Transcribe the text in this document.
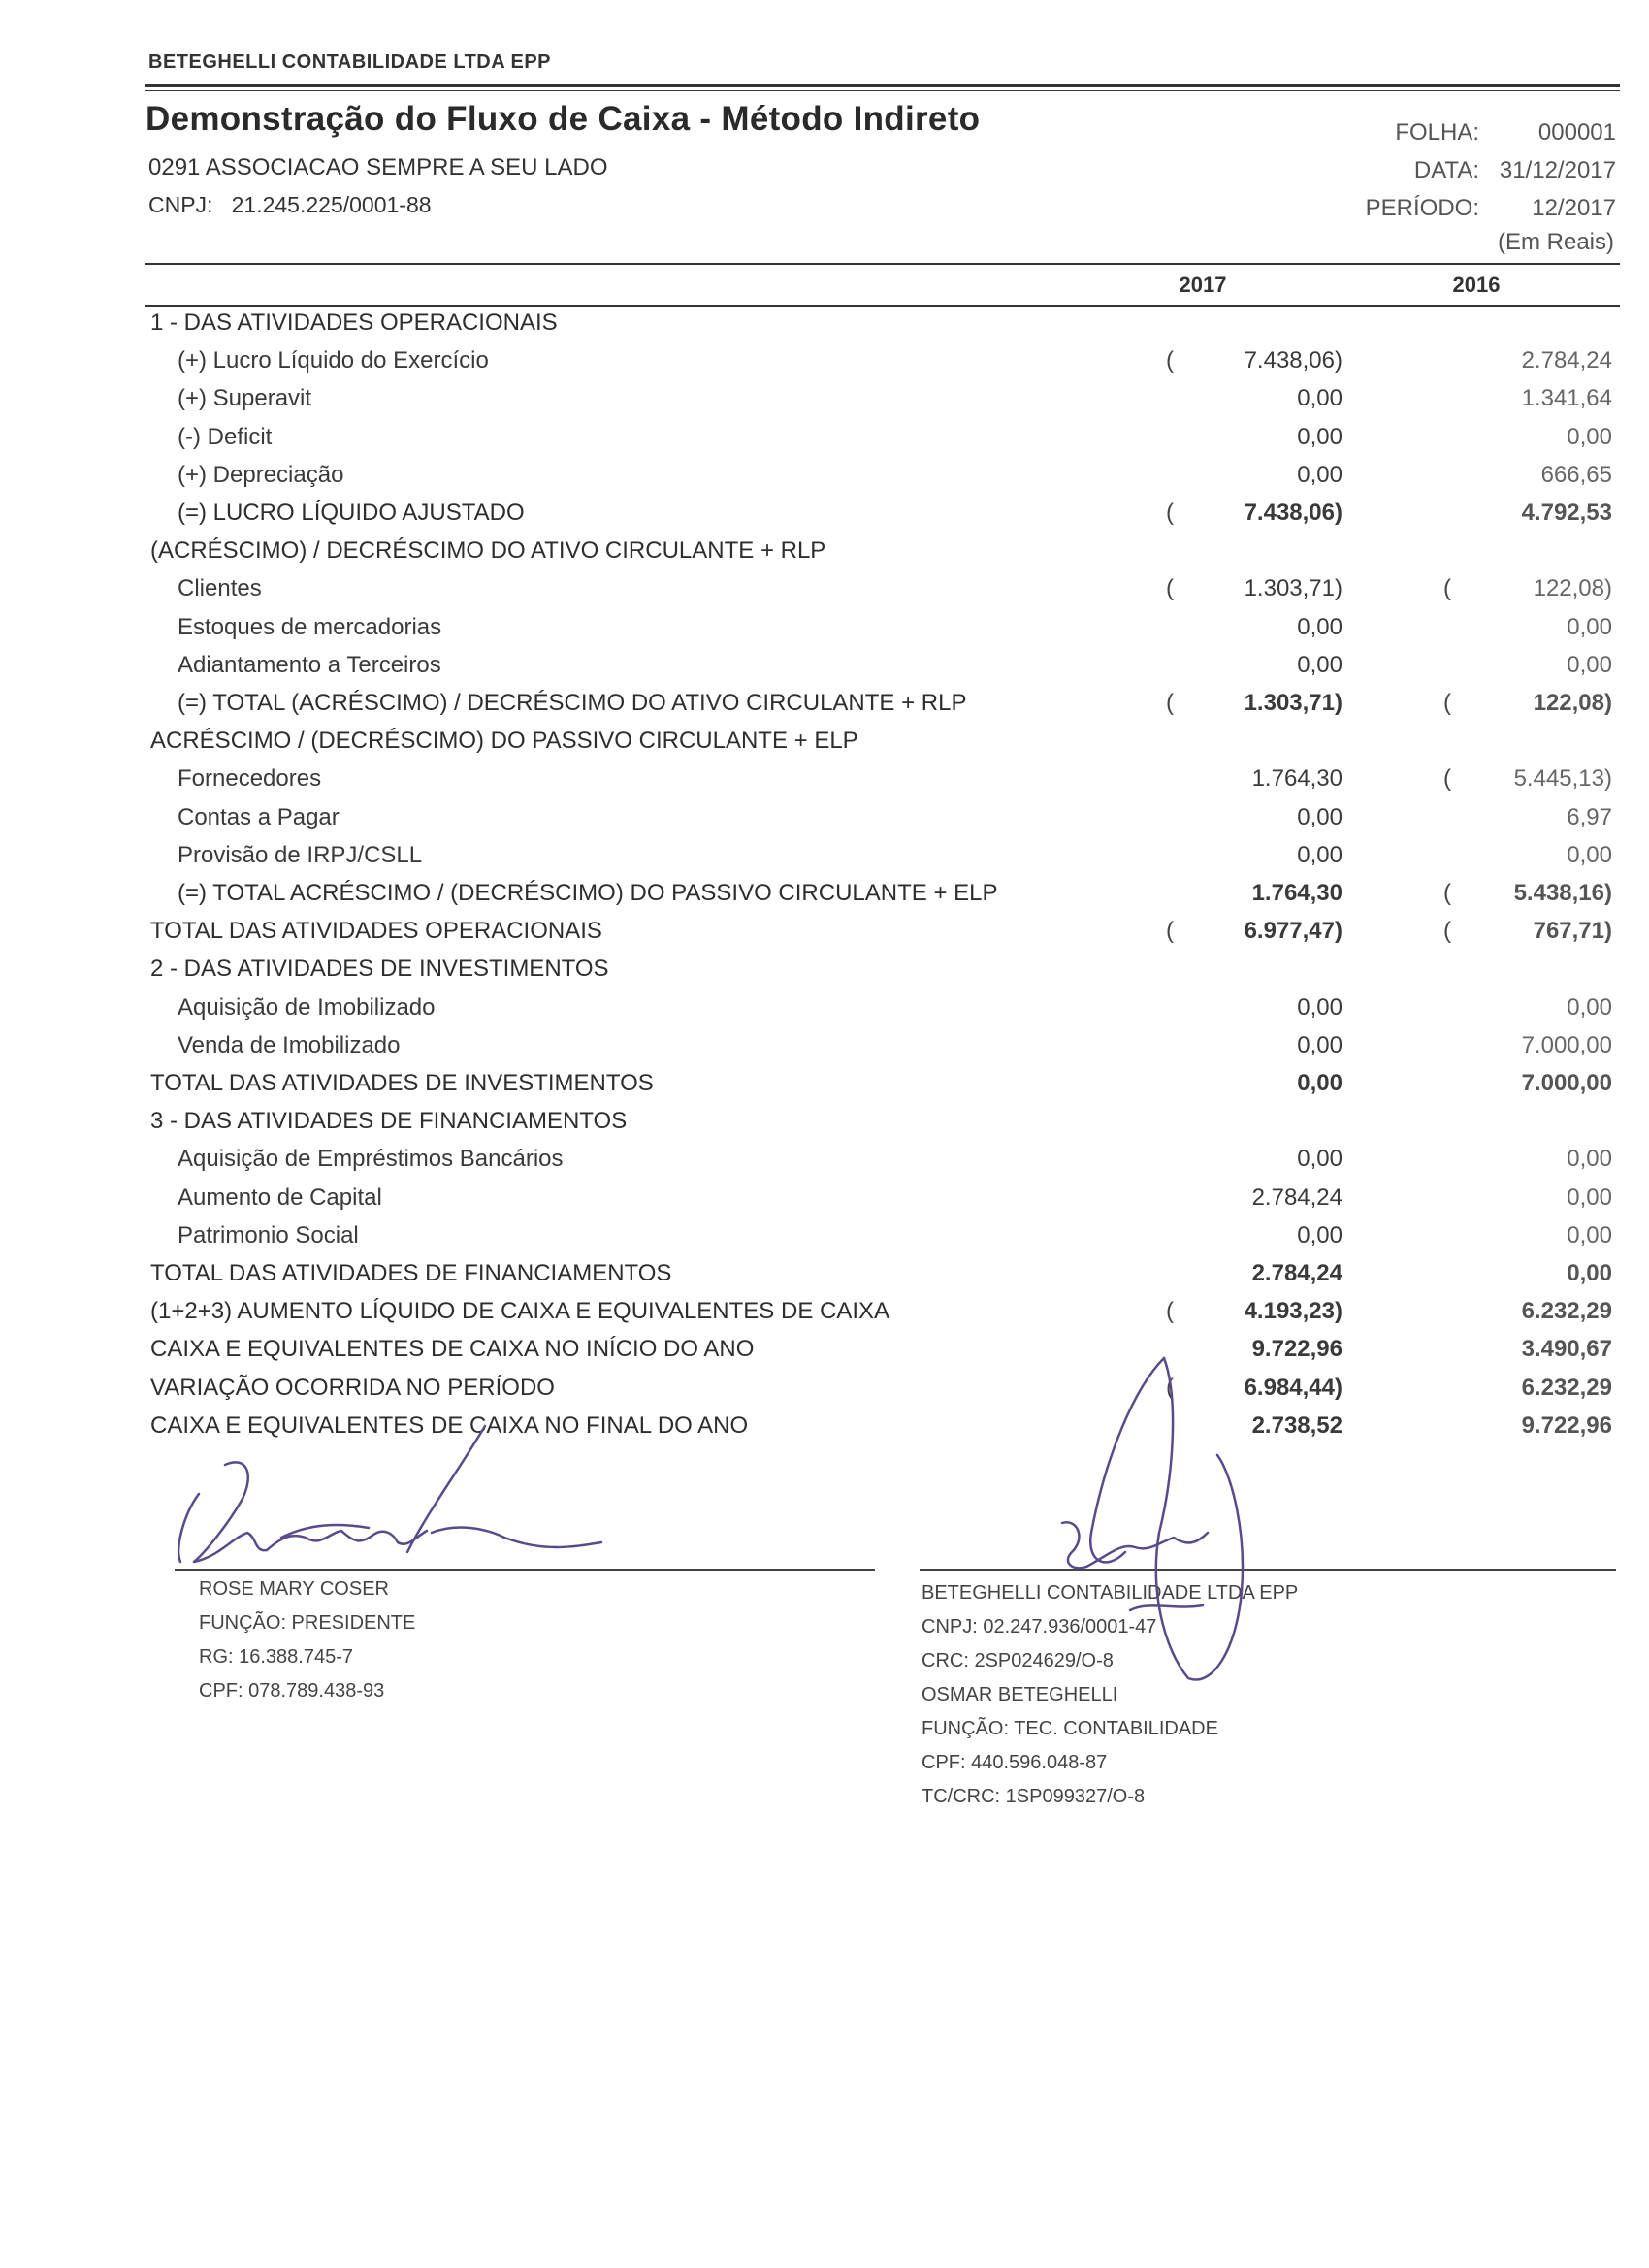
BETEGHELLI CONTABILIDADE LTDA EPP
Demonstração do Fluxo de Caixa - Método Indireto
0291 ASSOCIACAO SEMPRE A SEU LADO
CNPJ: 21.245.225/0001-88
FOLHA:	000001
DATA: 31/12/2017
PERÍODO: 12/2017
(Em Reais)
2017	2016
1 - DAS ATIVIDADES OPERACIONAIS
(+) Lucro Líquido do Exercício	(	7.438,06)	2.784,24
(+) Superavit	0,00	1.341,64
(-) Deficit	0,00	0,00
(+) Depreciação	0,00	666,65
(=) LUCRO LÍQUIDO AJUSTADO	(	7.438,06)	4.792,53
(ACRÉSCIMO) / DECRÉSCIMO DO ATIVO CIRCULANTE + RLP
Clientes	(	1.303,71)	(	122,08)
Estoques de mercadorias	0,00	0,00
Adiantamento a Terceiros	0,00	0,00
(=) TOTAL (ACRÉSCIMO) / DECRÉSCIMO DO ATIVO CIRCULANTE + RLP	(	1.303,71)	(	122,08)
ACRÉSCIMO / (DECRÉSCIMO) DO PASSIVO CIRCULANTE + ELP
Fornecedores	1.764,30	(	5.445,13)
Contas a Pagar	0,00	6,97
Provisão de IRPJ/CSLL	0,00	0,00
(=) TOTAL ACRÉSCIMO / (DECRÉSCIMO) DO PASSIVO CIRCULANTE + ELP	1.764,30	(	5.438,16)
TOTAL DAS ATIVIDADES OPERACIONAIS	(	6.977,47)	(	767,71)
2 - DAS ATIVIDADES DE INVESTIMENTOS
Aquisição de Imobilizado	0,00	0,00
Venda de Imobilizado	0,00	7.000,00
TOTAL DAS ATIVIDADES DE INVESTIMENTOS	0,00	7.000,00
3 - DAS ATIVIDADES DE FINANCIAMENTOS
Aquisição de Empréstimos Bancários	0,00	0,00
Aumento de Capital	2.784,24	0,00
Patrimonio Social	0,00	0,00
TOTAL DAS ATIVIDADES DE FINANCIAMENTOS	2.784,24	0,00
(1+2+3) AUMENTO LÍQUIDO DE CAIXA E EQUIVALENTES DE CAIXA	(	4.193,23)	6.232,29
CAIXA E EQUIVALENTES DE CAIXA NO INÍCIO DO ANO	9.722,96	3.490,67
VARIAÇÃO OCORRIDA NO PERÍODO	(	6.984,44)	6.232,29
CAIXA E EQUIVALENTES DE CAIXA NO FINAL DO ANO	2.738,52	9.722,96
ROSE MARY COSER
FUNÇÃO: PRESIDENTE
RG: 16.388.745-7
CPF: 078.789.438-93
BETEGHELLI CONTABILIDADE LTDA EPP
CNPJ: 02.247.936/0001-47
CRC: 2SP024629/O-8
OSMAR BETEGHELLI
FUNÇÃO: TEC. CONTABILIDADE
CPF: 440.596.048-87
TC/CRC: 1SP099327/O-8
